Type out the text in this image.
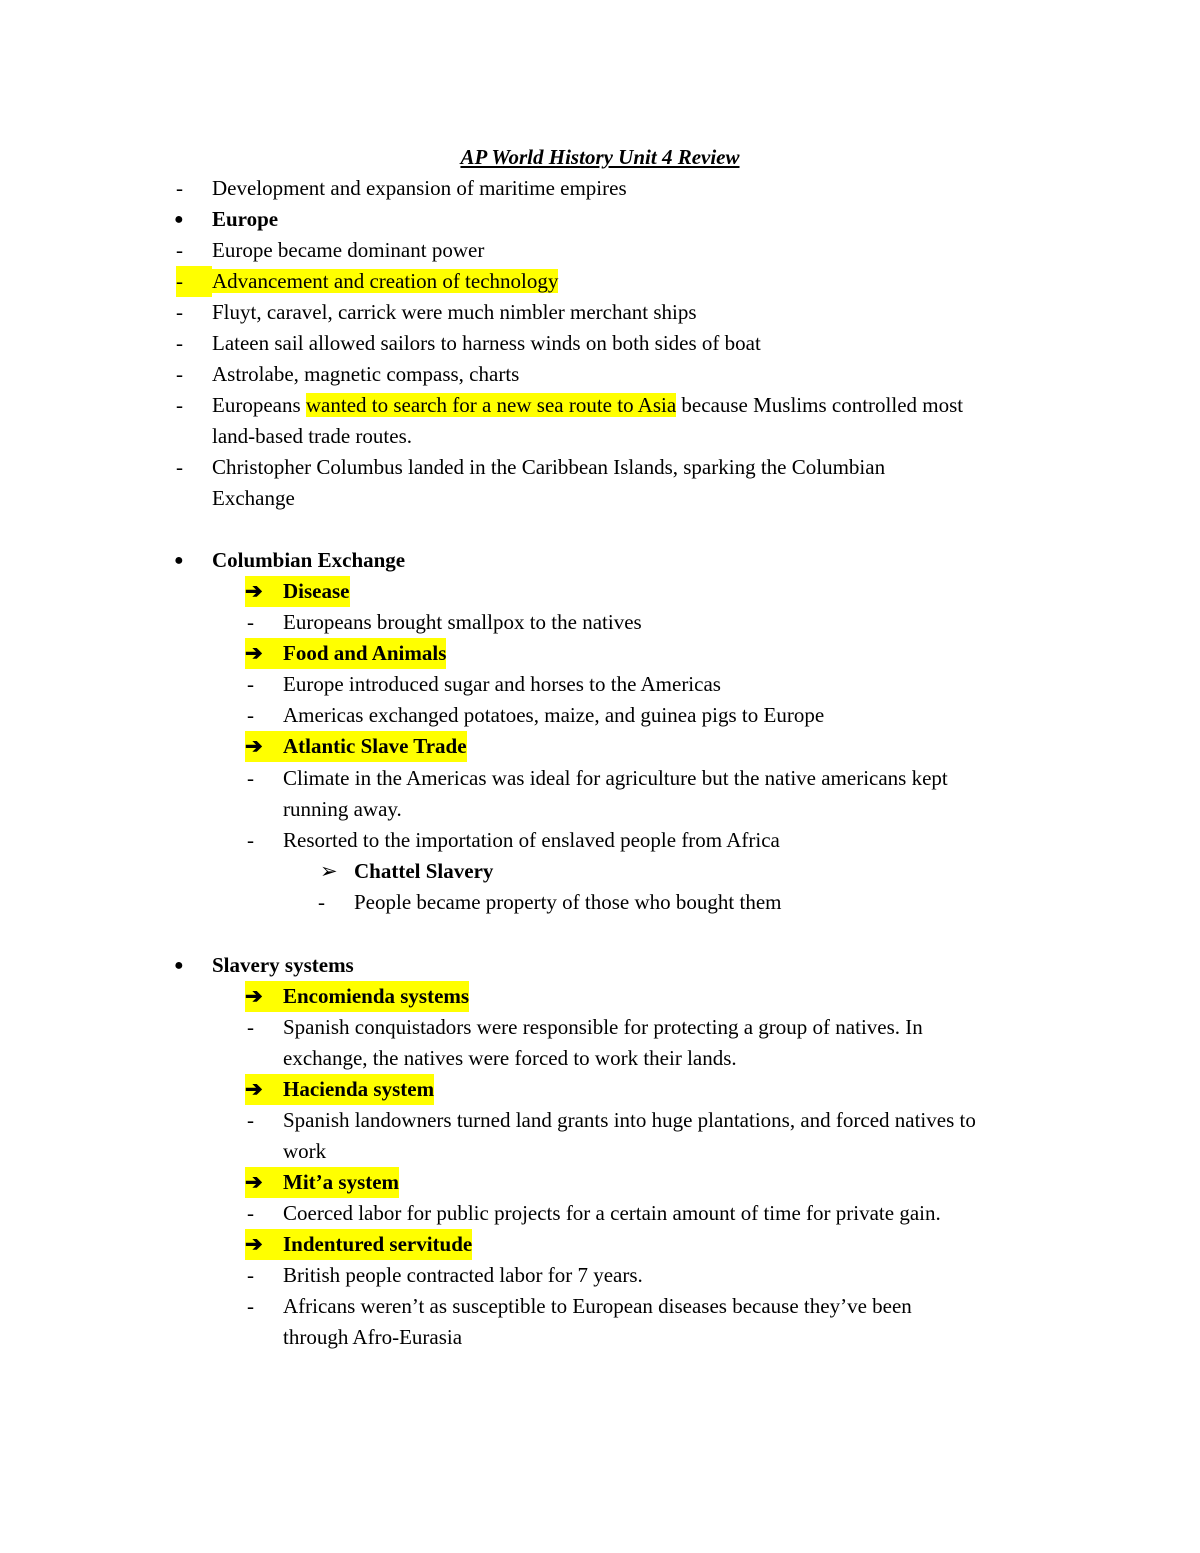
AP World History Unit 4 Review
-	Development and expansion of maritime empires
●	Europe
-	Europe became dominant power
-	Advancement and creation of technology
-	Fluyt, caravel, carrick were much nimbler merchant ships
-	Lateen sail allowed sailors to harness winds on both sides of boat
-	Astrolabe, magnetic compass, charts
-	Europeans wanted to search for a new sea route to Asia because Muslims controlled most
land-based trade routes.
-	Christopher Columbus landed in the Caribbean Islands, sparking the Columbian
Exchange
●	Columbian Exchange
➔ Disease
-	Europeans brought smallpox to the natives
➔ Food and Animals
-	Europe introduced sugar and horses to the Americas
-	Americas exchanged potatoes, maize, and guinea pigs to Europe
➔ Atlantic Slave Trade
-	Climate in the Americas was ideal for agriculture but the native americans kept
running away.
-	Resorted to the importation of enslaved people from Africa
➢ Chattel Slavery
-	People became property of those who bought them
●	Slavery systems
➔ Encomienda systems
-	Spanish conquistadors were responsible for protecting a group of natives. In
exchange, the natives were forced to work their lands.
➔ Hacienda system
-	Spanish landowners turned land grants into huge plantations, and forced natives to
work
➔ Mit’a system
-	Coerced labor for public projects for a certain amount of time for private gain.
➔ Indentured servitude
-	British people contracted labor for 7 years.
-	Africans weren’t as susceptible to European diseases because they’ve been
through Afro-Eurasia
